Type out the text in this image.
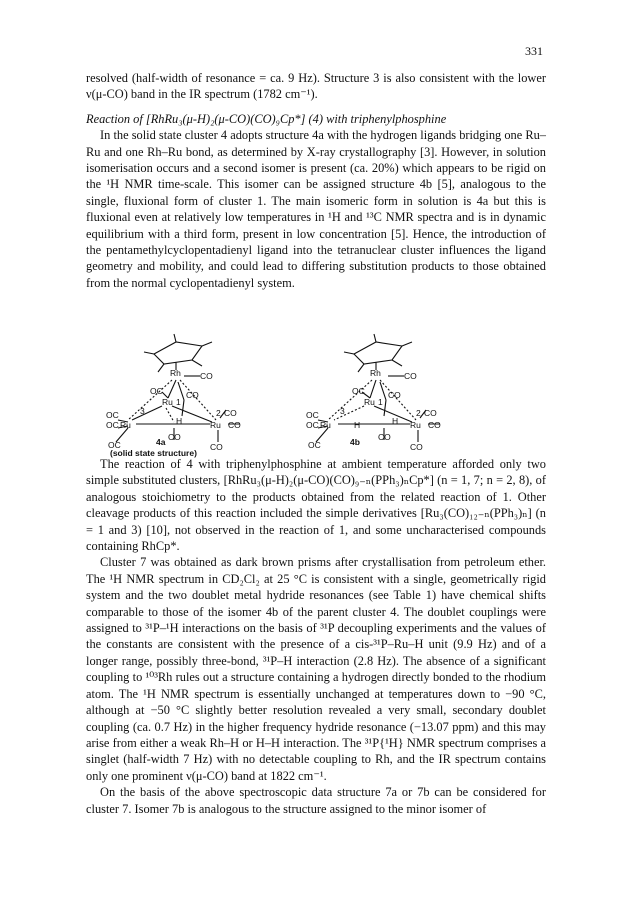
331

resolved (half-width of resonance = ca. 9 Hz). Structure 3 is also consistent with the lower ν(μ-CO) band in the IR spectrum (1782 cm⁻¹).

Reaction of [RhRu₃(μ-H)₂(μ-CO)(CO)₉Cp*] (4) with triphenylphosphine

In the solid state cluster 4 adopts structure 4a with the hydrogen ligands bridging one Ru–Ru and one Rh–Ru bond, as determined by X-ray crystallography [3]. However, in solution isomerisation occurs and a second isomer is present (ca. 20%) which appears to be rigid on the ¹H NMR time-scale. This isomer can be assigned structure 4b [5], analogous to the single, fluxional form of cluster 1. The main isomeric form in solution is 4a but this is fluxional even at relatively low temperatures in ¹H and ¹³C NMR spectra and is in dynamic equilibrium with a third form, present in low concentration [5]. Hence, the introduction of the pentamethylcyclopentadienyl ligand into the tetranuclear cluster influences the ligand geometry and mobility, and could lead to differing substitution products to those obtained from the normal cyclopentadienyl system.

Rh CO
OC	CO
Ru 1
3
OC
OC Ru
2 CO
Ru CO
H
CO
CO
OC
Rh	CO
OC	CO
Ru 1
3
OC
OC Ru
2 CO
Ru CO
H	H
CO
CO
OC
4a
(solid state structure)
4b

The reaction of 4 with triphenylphosphine at ambient temperature afforded only two simple substituted clusters, [RhRu₃(μ-H)₂(μ-CO)(CO)₉₋ₙ(PPh₃)ₙCp*] (n = 1, 7; n = 2, 8), of analogous stoichiometry to the products obtained from the related reaction of 1. Other cleavage products of this reaction included the simple derivatives [Ru₃(CO)₁₂₋ₙ(PPh₃)ₙ] (n = 1 and 3) [10], not observed in the reaction of 1, and some uncharacterised compounds containing RhCp*.

Cluster 7 was obtained as dark brown prisms after crystallisation from petroleum ether. The ¹H NMR spectrum in CD₂Cl₂ at 25 °C is consistent with a single, geometrically rigid system and the two doublet metal hydride resonances (see Table 1) have chemical shifts comparable to those of the isomer 4b of the parent cluster 4. The doublet couplings were assigned to ³¹P–¹H interactions on the basis of ³¹P decoupling experiments and the values of the constants are consistent with the presence of a cis-³¹P–Ru–H unit (9.9 Hz) and of a longer range, possibly three-bond, ³¹P–H interaction (2.8 Hz). The absence of a significant coupling to ¹⁰³Rh rules out a structure containing a hydrogen directly bonded to the rhodium atom. The ¹H NMR spectrum is essentially unchanged at temperatures down to −90 °C, although at −50 °C slightly better resolution revealed a very small, secondary doublet coupling (ca. 0.7 Hz) in the higher frequency hydride resonance (−13.07 ppm) and this may arise from either a weak Rh–H or H–H interaction. The ³¹P{¹H} NMR spectrum comprises a singlet (half-width 7 Hz) with no detectable coupling to Rh, and the IR spectrum contains only one prominent ν(μ-CO) band at 1822 cm⁻¹.

On the basis of the above spectroscopic data structure 7a or 7b can be considered for cluster 7. Isomer 7b is analogous to the structure assigned to the minor isomer of
